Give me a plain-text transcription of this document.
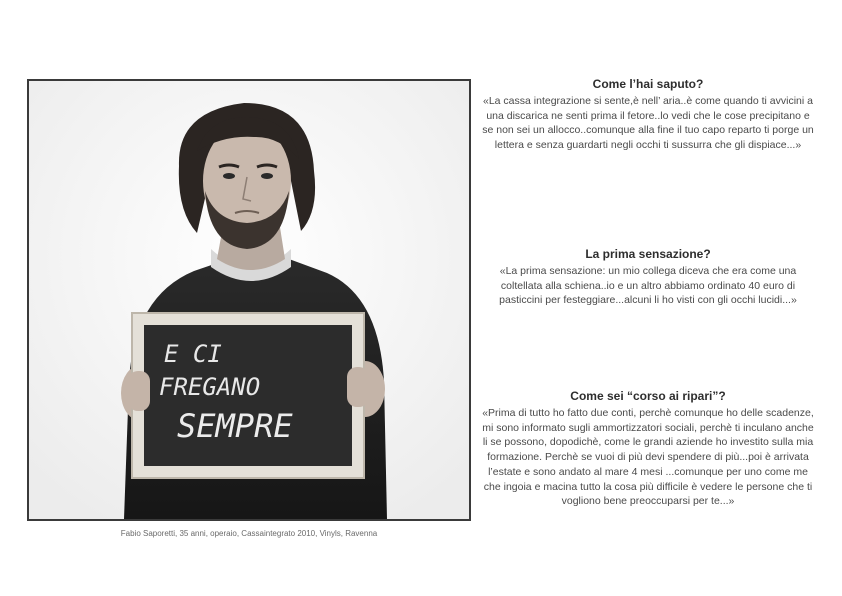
E CI
FREGANO
SEMPRE
Fabio Saporetti, 35 anni, operaio, Cassaintegrato 2010, Vinyls, Ravenna
Come l’hai saputo?

«La cassa integrazione si sente,è nell’ aria..è come quando ti avvicini a una discarica ne senti prima il fetore..lo vedi che le cose precipitano e se non sei un allocco..comunque alla fine il tuo capo reparto ti porge un lettera e senza guardarti negli occhi ti sussurra che gli dispiace...»

La prima sensazione?

«La prima sensazione: un mio collega diceva che era come una coltellata alla schiena..io e un altro abbiamo ordinato 40 euro di pasticcini per festeggiare...alcuni li ho visti con gli occhi lucidi...»

Come sei “corso ai ripari”?

«Prima di tutto ho fatto due conti, perchè comunque ho delle scadenze, mi sono informato sugli ammortizzatori sociali, perchè ti inculano anche li se possono, dopodichè, come le grandi aziende ho investito sulla mia formazione. Perchè se vuoi di più devi spendere di più...poi è arrivata l’estate e sono andato al mare 4 mesi ...comunque per uno come me che ingoia e macina tutto la cosa più difficile è vedere le persone che ti vogliono bene preoccuparsi per te...»
